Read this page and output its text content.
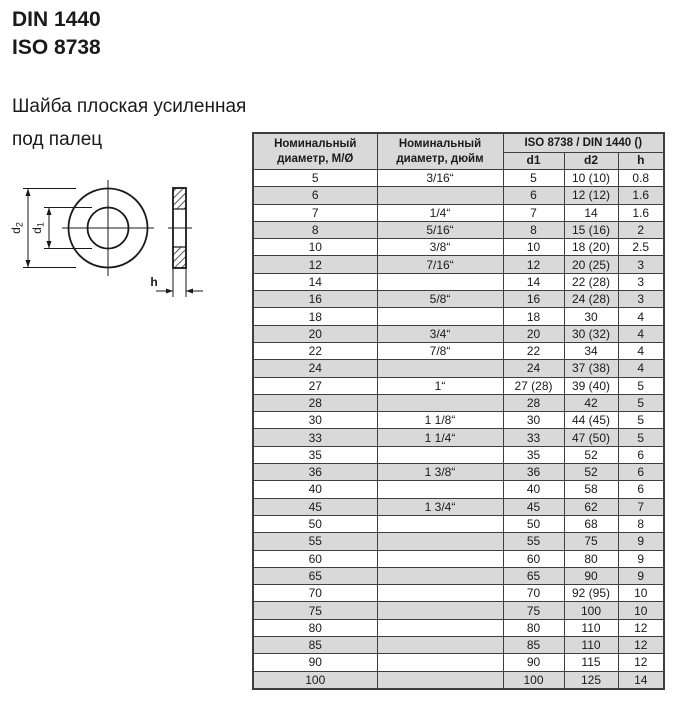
DIN 1440
ISO 8738
Шайба плоская усиленная
под палец
$d_2$
$d_1$
h
Номинальный диаметр, М/Ø	Номинальный диаметр, дюйм	ISO 8738 / DIN 1440 ()		
		d1	d2	h
5	3/16“	5	10 (10)	0.8
6		6	12 (12)	1.6
7	1/4“	7	14	1.6
8	5/16“	8	15 (16)	2
10	3/8“	10	18 (20)	2.5
12	7/16“	12	20 (25)	3
14		14	22 (28)	3
16	5/8“	16	24 (28)	3
18		18	30	4
20	3/4“	20	30 (32)	4
22	7/8“	22	34	4
24		24	37 (38)	4
27	1“	27 (28)	39 (40)	5
28		28	42	5
30	1 1/8“	30	44 (45)	5
33	1 1/4“	33	47 (50)	5
35		35	52	6
36	1 3/8“	36	52	6
40		40	58	6
45	1 3/4“	45	62	7
50		50	68	8
55		55	75	9
60		60	80	9
65		65	90	9
70		70	92 (95)	10
75		75	100	10
80		80	110	12
85		85	110	12
90		90	115	12
100		100	125	14
